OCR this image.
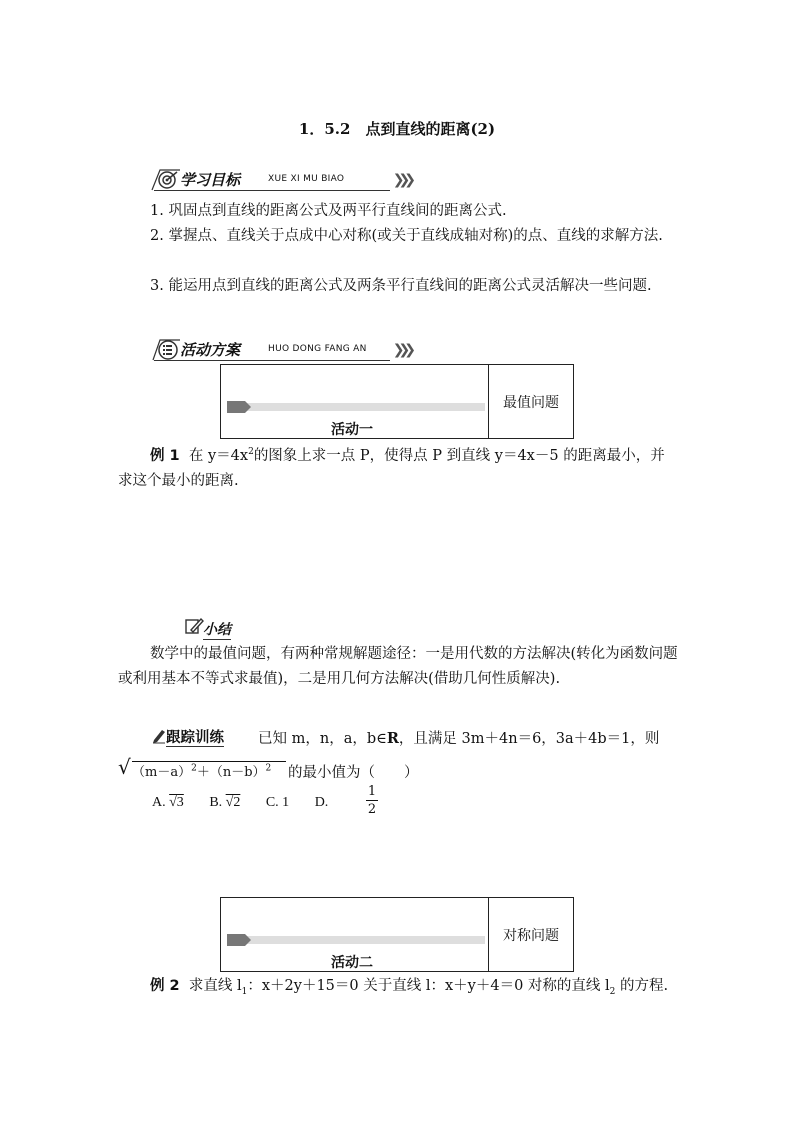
1．5.2　点到直线的距离(2)
学习目标	XUE XI MU BIAO	❯❯❯
1. 巩固点到直线的距离公式及两平行直线间的距离公式.
2. 掌握点、直线关于点成中心对称(或关于直线成轴对称)的点、直线的求解方法.
3. 能运用点到直线的距离公式及两条平行直线间的距离公式灵活解决一些问题.
活动方案	HUO DONG FANG AN ❯❯❯
活动一
最值问题
例 1 在 $y=4x^2$的图象上求一点 P，使得点 P 到直线 y＝4x－5 的距离最小，并求这个最小的距离.
小结
数学中的最值问题，有两种常规解题途径：一是用代数的方法解决(转化为函数问题或利用基本不等式求最值)，二是用几何方法解决(借助几何性质解决).
跟踪训练 已知 m，n，a，b∈R，且满足 3m＋4n＝6，3a＋4b＝1，则
√ $(m-a)^2+(n-b)^2$ 的最小值为（　　）
A. √3 B. √2 C. 1 D.	$\frac{1}{2}$
活动二
对称问题
例 2 求直线 $l_1$：x＋2y＋15＝0 关于直线 l：x＋y＋4＝0 对称的直线 $l_2$ 的方程.
